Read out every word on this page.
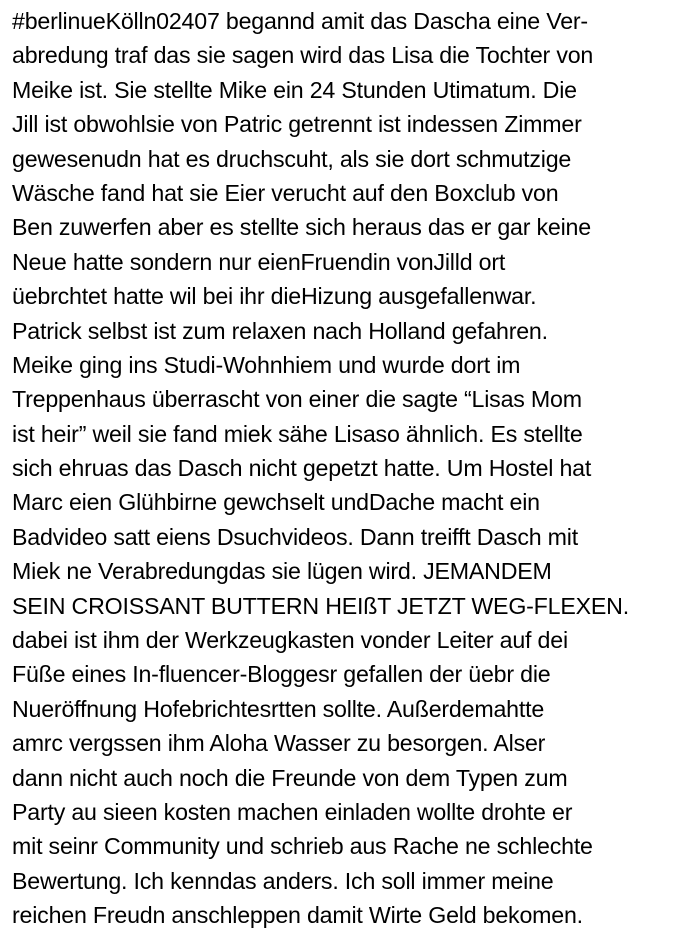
#berlinueKölln02407 begannd amit das Dascha eine Ver-
abredung traf das sie sagen wird das Lisa die Tochter von
Meike ist. Sie stellte Mike ein 24 Stunden Utimatum. Die
Jill ist obwohlsie von Patric getrennt ist indessen Zimmer
gewesenudn hat es druchscuht, als sie dort schmutzige
Wäsche fand hat sie Eier verucht auf den Boxclub von
Ben zuwerfen aber es stellte sich heraus das er gar keine
Neue hatte sondern nur eienFruendin vonJilld ort
üebrchtet hatte wil bei ihr dieHizung ausgefallenwar.
Patrick selbst ist zum relaxen nach Holland gefahren.
Meike ging ins Studi-Wohnhiem und wurde dort im
Treppenhaus überrascht von einer die sagte “Lisas Mom
ist heir” weil sie fand miek sähe Lisaso ähnlich. Es stellte
sich ehruas das Dasch nicht gepetzt hatte. Um Hostel hat
Marc eien Glühbirne gewchselt undDache macht ein
Badvideo satt eiens Dsuchvideos. Dann treifft Dasch mit
Miek ne Verabredungdas sie lügen wird. JEMANDEM
SEIN CROISSANT BUTTERN HEIßT JETZT WEG-FLEXEN.
dabei ist ihm der Werkzeugkasten vonder Leiter auf dei
Füße eines In-fluencer-Bloggesr gefallen der üebr die
Nueröffnung Hofebrichtesrtten sollte. Außerdemahtte
amrc vergssen ihm Aloha Wasser zu besorgen. Alser
dann nicht auch noch die Freunde von dem Typen zum
Party au sieen kosten machen einladen wollte drohte er
mit seinr Community und schrieb aus Rache ne schlechte
Bewertung. Ich kenndas anders. Ich soll immer meine
reichen Freudn anschleppen damit Wirte Geld bekomen.
